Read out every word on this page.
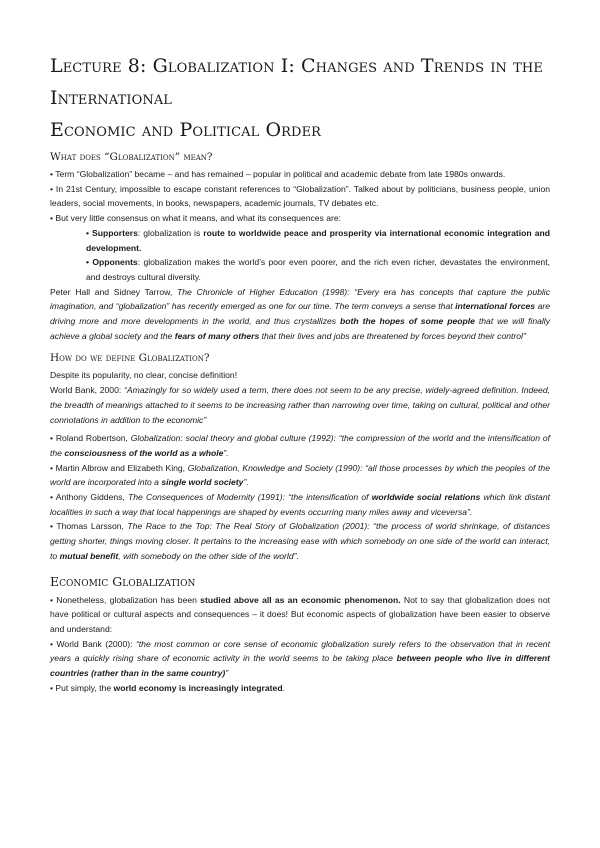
Lecture 8: Globalization I: Changes and Trends in the International
Economic and Political Order
What does “Globalization” mean?

• Term “Globalization” became – and has remained – popular in political and academic debate from late 1980s onwards.

• In 21st Century, impossible to escape constant references to “Globalization”. Talked about by politicians, business people, union leaders, social movements, in books, newspapers, academic journals, TV debates etc.

• But very little consensus on what it means, and what its consequences are:

• Supporters: globalization is route to worldwide peace and prosperity via international economic integration and development.

• Opponents: globalization makes the world’s poor even poorer, and the rich even richer, devastates the environment, and destroys cultural diversity.

Peter Hall and Sidney Tarrow, The Chronicle of Higher Education (1998): “Every era has concepts that capture the public imagination, and “globalization” has recently emerged as one for our time. The term conveys a sense that international forces are driving more and more developments in the world, and thus crystallizes both the hopes of some people that we will finally achieve a global society and the fears of many others that their lives and jobs are threatened by forces beyond their control”

How do we define Globalization?

Despite its popularity, no clear, concise definition!

World Bank, 2000: “Amazingly for so widely used a term, there does not seem to be any precise, widely-agreed definition. Indeed, the breadth of meanings attached to it seems to be increasing rather than narrowing over time, taking on cultural, political and other connotations in addition to the economic”

• Roland Robertson, Globalization: social theory and global culture (1992): “the compression of the world and the intensification of the consciousness of the world as a whole”.

• Martin Albrow and Elizabeth King, Globalization, Knowledge and Society (1990): “all those processes by which the peoples of the world are incorporated into a single world society”.

• Anthony Giddens, The Consequences of Modernity (1991): “the intensification of worldwide social relations which link distant localities in such a way that local happenings are shaped by events occurring many miles away and viceversa”.

• Thomas Larsson, The Race to the Top: The Real Story of Globalization (2001): “the process of world shrinkage, of distances getting shorter, things moving closer. It pertains to the increasing ease with which somebody on one side of the world can interact, to mutual benefit, with somebody on the other side of the world”.

Economic Globalization

• Nonetheless, globalization has been studied above all as an economic phenomenon. Not to say that globalization does not have political or cultural aspects and consequences – it does! But economic aspects of globalization have been easier to observe and understand:

• World Bank (2000): “the most common or core sense of economic globalization surely refers to the observation that in recent years a quickly rising share of economic activity in the world seems to be taking place between people who live in different countries (rather than in the same country)”

• Put simply, the world economy is increasingly integrated.
